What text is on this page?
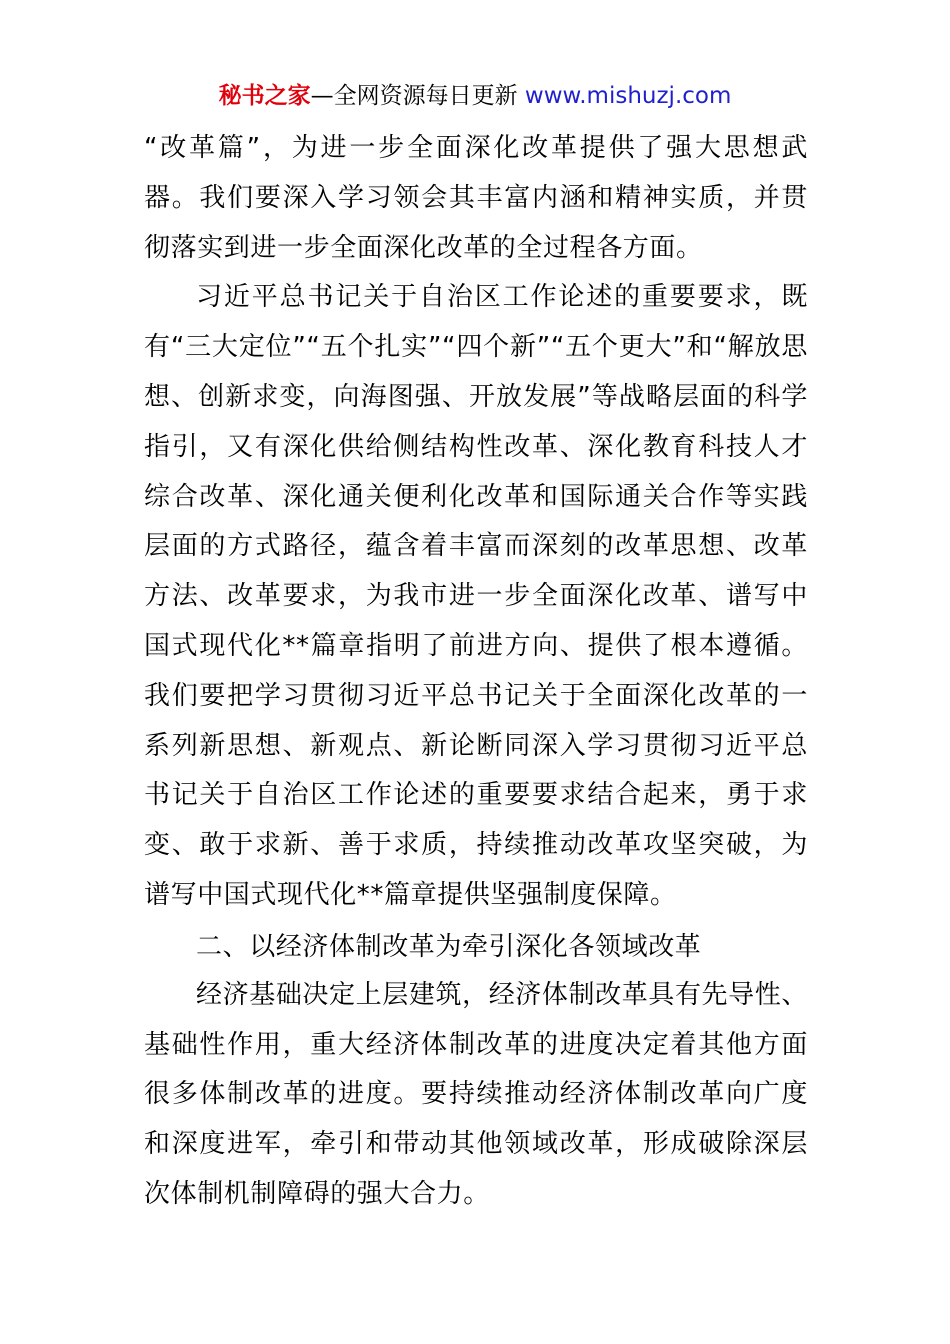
秘书之家—全网资源每日更新 www.mishuzj.com

“改革篇”，为进一步全面深化改革提供了强大思想武器。我们要深入学习领会其丰富内涵和精神实质，并贯彻落实到进一步全面深化改革的全过程各方面。

习近平总书记关于自治区工作论述的重要要求，既有“三大定位”“五个扎实”“四个新”“五个更大”和“解放思想、创新求变，向海图强、开放发展”等战略层面的科学指引，又有深化供给侧结构性改革、深化教育科技人才综合改革、深化通关便利化改革和国际通关合作等实践层面的方式路径，蕴含着丰富而深刻的改革思想、改革方法、改革要求，为我市进一步全面深化改革、谱写中国式现代化**篇章指明了前进方向、提供了根本遵循。我们要把学习贯彻习近平总书记关于全面深化改革的一系列新思想、新观点、新论断同深入学习贯彻习近平总书记关于自治区工作论述的重要要求结合起来，勇于求变、敢于求新、善于求质，持续推动改革攻坚突破，为谱写中国式现代化**篇章提供坚强制度保障。

二、以经济体制改革为牵引深化各领域改革

经济基础决定上层建筑，经济体制改革具有先导性、基础性作用，重大经济体制改革的进度决定着其他方面很多体制改革的进度。要持续推动经济体制改革向广度和深度进军，牵引和带动其他领域改革，形成破除深层次体制机制障碍的强大合力。
